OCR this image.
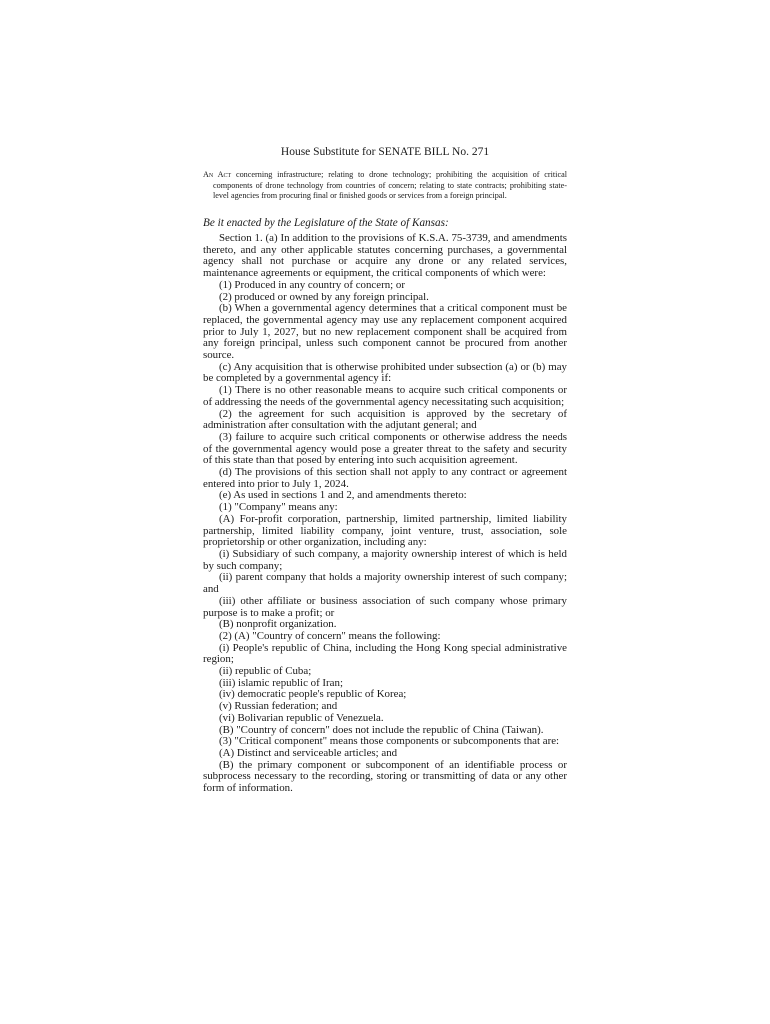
House Substitute for SENATE BILL No. 271
An Act concerning infrastructure; relating to drone technology; prohibiting the acquisition of critical components of drone technology from countries of concern; relating to state contracts; prohibiting state-level agencies from procuring final or finished goods or services from a foreign principal.
Be it enacted by the Legislature of the State of Kansas:

Section 1. (a) In addition to the provisions of K.S.A. 75-3739, and amendments thereto, and any other applicable statutes concerning purchases, a governmental agency shall not purchase or acquire any drone or any related services, maintenance agreements or equipment, the critical components of which were:

(1) Produced in any country of concern; or

(2) produced or owned by any foreign principal.

(b) When a governmental agency determines that a critical component must be replaced, the governmental agency may use any replacement component acquired prior to July 1, 2027, but no new replacement component shall be acquired from any foreign principal, unless such component cannot be procured from another source.

(c) Any acquisition that is otherwise prohibited under subsection (a) or (b) may be completed by a governmental agency if:

(1) There is no other reasonable means to acquire such critical components or of addressing the needs of the governmental agency necessitating such acquisition;

(2) the agreement for such acquisition is approved by the secretary of administration after consultation with the adjutant general; and

(3) failure to acquire such critical components or otherwise address the needs of the governmental agency would pose a greater threat to the safety and security of this state than that posed by entering into such acquisition agreement.

(d) The provisions of this section shall not apply to any contract or agreement entered into prior to July 1, 2024.

(e) As used in sections 1 and 2, and amendments thereto:

(1) "Company" means any:

(A) For-profit corporation, partnership, limited partnership, limited liability partnership, limited liability company, joint venture, trust, association, sole proprietorship or other organization, including any:

(i) Subsidiary of such company, a majority ownership interest of which is held by such company;

(ii) parent company that holds a majority ownership interest of such company; and

(iii) other affiliate or business association of such company whose primary purpose is to make a profit; or

(B) nonprofit organization.

(2) (A) "Country of concern" means the following:

(i) People's republic of China, including the Hong Kong special administrative region;

(ii) republic of Cuba;

(iii) islamic republic of Iran;

(iv) democratic people's republic of Korea;

(v) Russian federation; and

(vi) Bolivarian republic of Venezuela.

(B) "Country of concern" does not include the republic of China (Taiwan).

(3) "Critical component" means those components or subcomponents that are:

(A) Distinct and serviceable articles; and

(B) the primary component or subcomponent of an identifiable process or subprocess necessary to the recording, storing or transmitting of data or any other form of information.
